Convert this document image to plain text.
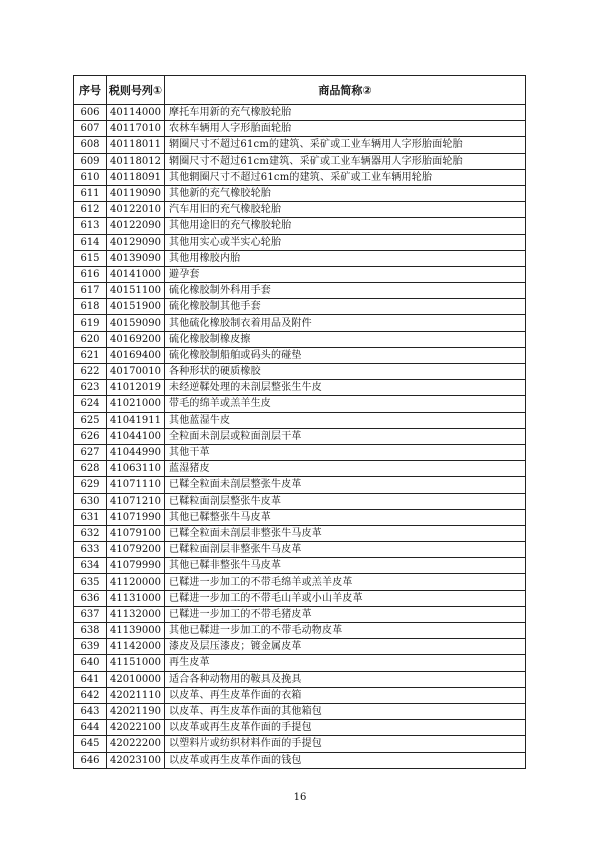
序号	税则号列①	商品简称②
606	40114000	摩托车用新的充气橡胶轮胎
607	40117010	农林车辆用人字形胎面轮胎
608	40118011	辋圈尺寸不超过61cm的建筑、采矿或工业车辆用人字形胎面轮胎
609	40118012	辋圈尺寸不超过61cm建筑、采矿或工业车辆器用人字形胎面轮胎
610	40118091	其他辋圈尺寸不超过61cm的建筑、采矿或工业车辆用轮胎
611	40119090	其他新的充气橡胶轮胎
612	40122010	汽车用旧的充气橡胶轮胎
613	40122090	其他用途旧的充气橡胶轮胎
614	40129090	其他用实心或半实心轮胎
615	40139090	其他用橡胶内胎
616	40141000	避孕套
617	40151100	硫化橡胶制外科用手套
618	40151900	硫化橡胶制其他手套
619	40159090	其他硫化橡胶制衣着用品及附件
620	40169200	硫化橡胶制橡皮擦
621	40169400	硫化橡胶制船舶或码头的碰垫
622	40170010	各种形状的硬质橡胶
623	41012019	未经逆鞣处理的未剖层整张生牛皮
624	41021000	带毛的绵羊或羔羊生皮
625	41041911	其他蓝湿牛皮
626	41044100	全粒面未剖层或粒面剖层干革
627	41044990	其他干革
628	41063110	蓝湿猪皮
629	41071110	已鞣全粒面未剖层整张牛皮革
630	41071210	已鞣粒面剖层整张牛皮革
631	41071990	其他已鞣整张牛马皮革
632	41079100	已鞣全粒面未剖层非整张牛马皮革
633	41079200	已鞣粒面剖层非整张牛马皮革
634	41079990	其他已鞣非整张牛马皮革
635	41120000	已鞣进一步加工的不带毛绵羊或羔羊皮革
636	41131000	已鞣进一步加工的不带毛山羊或小山羊皮革
637	41132000	已鞣进一步加工的不带毛猪皮革
638	41139000	其他已鞣进一步加工的不带毛动物皮革
639	41142000	漆皮及层压漆皮；镀金属皮革
640	41151000	再生皮革
641	42010000	适合各种动物用的鞍具及挽具
642	42021110	以皮革、再生皮革作面的衣箱
643	42021190	以皮革、再生皮革作面的其他箱包
644	42022100	以皮革或再生皮革作面的手提包
645	42022200	以塑料片或纺织材料作面的手提包
646	42023100	以皮革或再生皮革作面的钱包
16
